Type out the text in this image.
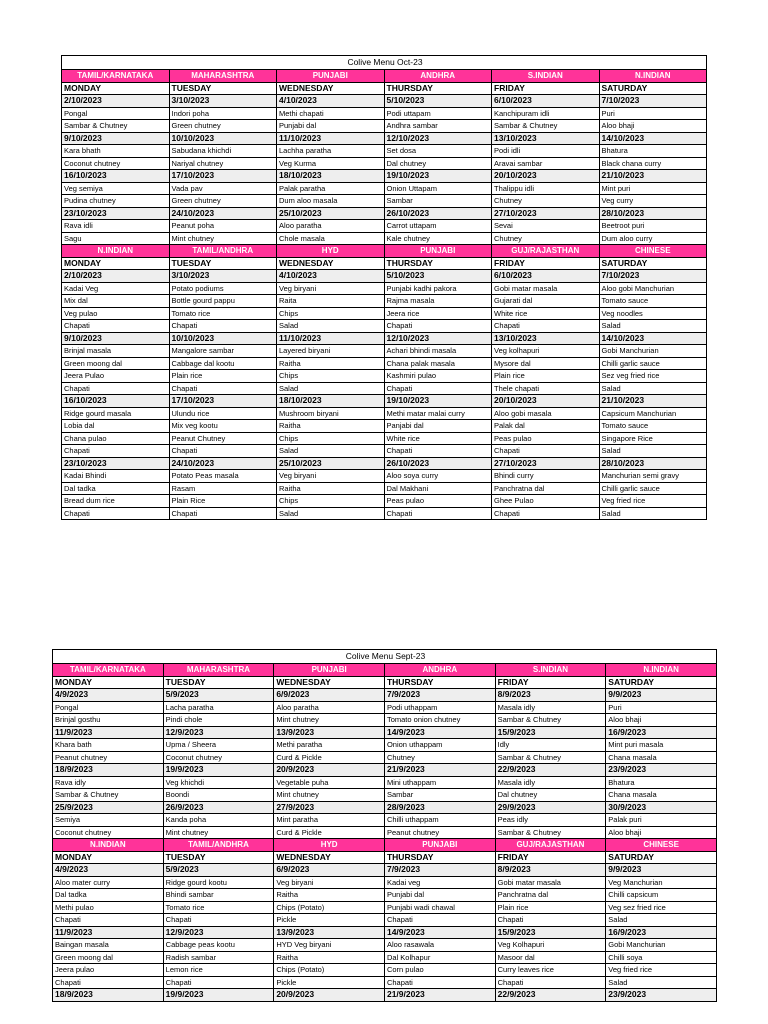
Colive Menu Oct-23					
TAMIL/KARNATAKA	MAHARASHTRA	PUNJABI	ANDHRA	S.INDIAN	N.INDIAN
MONDAY	TUESDAY	WEDNESDAY	THURSDAY	FRIDAY	SATURDAY
2/10/2023	3/10/2023	4/10/2023	5/10/2023	6/10/2023	7/10/2023
Pongal	Indori poha	Methi chapati	Podi uttapam	Kanchipuram idli	Puri
Sambar & Chutney	Green chutney	Punjabi dal	Andhra sambar	Sambar & Chutney	Aloo bhaji
9/10/2023	10/10/2023	11/10/2023	12/10/2023	13/10/2023	14/10/2023
Kara bhath	Sabudana khichdi	Lachha paratha	Set dosa	Podi idli	Bhatura
Coconut chutney	Nariyal chutney	Veg Kurma	Dal chutney	Aravai sambar	Black chana curry
16/10/2023	17/10/2023	18/10/2023	19/10/2023	20/10/2023	21/10/2023
Veg semiya	Vada pav	Palak paratha	Onion Uttapam	Thalippu idli	Mint puri
Pudina chutney	Green chutney	Dum aloo masala	Sambar	Chutney	Veg curry
23/10/2023	24/10/2023	25/10/2023	26/10/2023	27/10/2023	28/10/2023
Rava idli	Peanut poha	Aloo paratha	Carrot uttapam	Sevai	Beetroot puri
Sagu	Mint chutney	Chole masala	Kale chutney	Chutney	Dum aloo curry
N.INDIAN	TAMIL/ANDHRA	HYD	PUNJABI	GUJ/RAJASTHAN	CHINESE
MONDAY	TUESDAY	WEDNESDAY	THURSDAY	FRIDAY	SATURDAY
2/10/2023	3/10/2023	4/10/2023	5/10/2023	6/10/2023	7/10/2023
Kadai Veg	Potato podiums	Veg biryani	Punjabi kadhi pakora	Gobi matar masala	Aloo gobi Manchurian
Mix dal	Bottle gourd pappu	Raita	Rajma masala	Gujarati dal	Tomato sauce
Veg pulao	Tomato rice	Chips	Jeera rice	White rice	Veg noodles
Chapati	Chapati	Salad	Chapati	Chapati	Salad
9/10/2023	10/10/2023	11/10/2023	12/10/2023	13/10/2023	14/10/2023
Brinjal masala	Mangalore sambar	Layered biryani	Achari bhindi masala	Veg kolhapuri	Gobi Manchurian
Green moong dal	Cabbage dal kootu	Raitha	Chana palak masala	Mysore dal	Chilli garlic sauce
Jeera Pulao	Plain rice	Chips	Kashmiri pulao	Plain rice	Sez veg fried rice
Chapati	Chapati	Salad	Chapati	Thele chapati	Salad
16/10/2023	17/10/2023	18/10/2023	19/10/2023	20/10/2023	21/10/2023
Ridge gourd masala	Ulundu rice	Mushroom biryani	Methi matar malai curry	Aloo gobi masala	Capsicum Manchurian
Lobia dal	Mix veg kootu	Raitha	Panjabi dal	Palak dal	Tomato sauce
Chana pulao	Peanut Chutney	Chips	White rice	Peas pulao	Singapore Rice
Chapati	Chapati	Salad	Chapati	Chapati	Salad
23/10/2023	24/10/2023	25/10/2023	26/10/2023	27/10/2023	28/10/2023
Kadai Bhindi	Potato Peas masala	Veg biryani	Aloo soya curry	Bhindi curry	Manchurian semi gravy
Dal tadka	Rasam	Raitha	Dal Makhani	Panchratna dal	Chilli garlic sauce
Bread dum rice	Plain Rice	Chips	Peas pulao	Ghee Pulao	Veg fried rice
Chapati	Chapati	Salad	Chapati	Chapati	Salad
Colive Menu Sept-23					
TAMIL/KARNATAKA	MAHARASHTRA	PUNJABI	ANDHRA	S.INDIAN	N.INDIAN
MONDAY	TUESDAY	WEDNESDAY	THURSDAY	FRIDAY	SATURDAY
4/9/2023	5/9/2023	6/9/2023	7/9/2023	8/9/2023	9/9/2023
Pongal	Lacha paratha	Aloo paratha	Podi uthappam	Masala idly	Puri
Brinjal gosthu	Pindi chole	Mint chutney	Tomato onion chutney	Sambar & Chutney	Aloo bhaji
11/9/2023	12/9/2023	13/9/2023	14/9/2023	15/9/2023	16/9/2023
Khara bath	Upma / Sheera	Methi paratha	Onion uthappam	Idly	Mint puri masala
Peanut chutney	Coconut chutney	Curd & Pickle	Chutney	Sambar & Chutney	Chana masala
18/9/2023	19/9/2023	20/9/2023	21/9/2023	22/9/2023	23/9/2023
Rava idly	Veg khichdi	Vegetable puha	Mini uthappam	Masala idly	Bhatura
Sambar & Chutney	Boondi	Mint chutney	Sambar	Dal chutney	Chana masala
25/9/2023	26/9/2023	27/9/2023	28/9/2023	29/9/2023	30/9/2023
Semiya	Kanda poha	Mint paratha	Chilli uthappam	Peas idly	Palak puri
Coconut chutney	Mint chutney	Curd & Pickle	Peanut chutney	Sambar & Chutney	Aloo bhaji
N.INDIAN	TAMIL/ANDHRA	HYD	PUNJABI	GUJ/RAJASTHAN	CHINESE
MONDAY	TUESDAY	WEDNESDAY	THURSDAY	FRIDAY	SATURDAY
4/9/2023	5/9/2023	6/9/2023	7/9/2023	8/9/2023	9/9/2023
Aloo mater curry	Ridge gourd kootu	Veg biryani	Kadai veg	Gobi matar masala	Veg Manchurian
Dal tadka	Bhindi sambar	Raitha	Punjabi dal	Panchratna dal	Chilli capsicum
Methi pulao	Tomato rice	Chips (Potato)	Punjabi wadi chawal	Plain rice	Veg sez fried rice
Chapati	Chapati	Pickle	Chapati	Chapati	Salad
11/9/2023	12/9/2023	13/9/2023	14/9/2023	15/9/2023	16/9/2023
Baingan masala	Cabbage peas kootu	HYD Veg biryani	Aloo rasawala	Veg Kolhapuri	Gobi Manchurian
Green moong dal	Radish sambar	Raitha	Dal Kolhapur	Masoor dal	Chilli soya
Jeera pulao	Lemon rice	Chips (Potato)	Corn pulao	Curry leaves rice	Veg fried rice
Chapati	Chapati	Pickle	Chapati	Chapati	Salad
18/9/2023	19/9/2023	20/9/2023	21/9/2023	22/9/2023	23/9/2023
